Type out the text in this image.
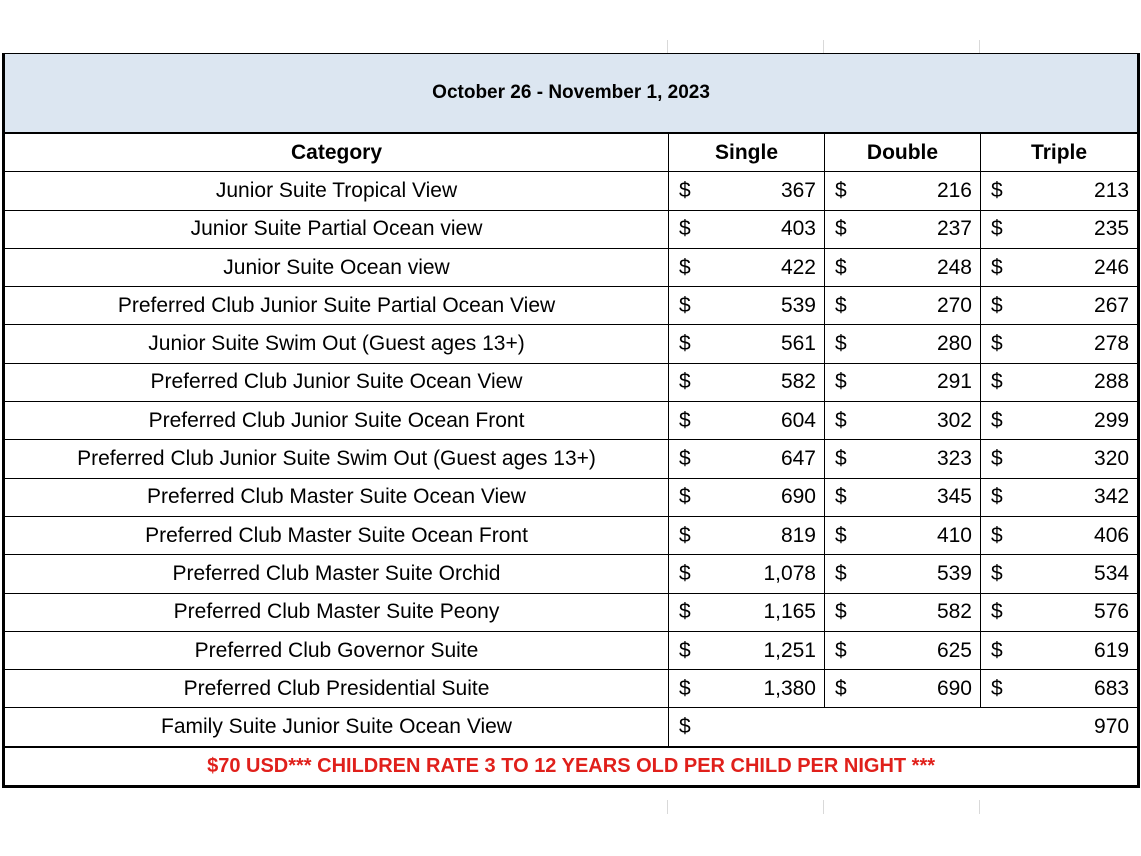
October 26 - November 1, 2023						
Category	Single		Double		Triple	
Junior Suite Tropical View	$	367	$	216	$	213
Junior Suite Partial Ocean view	$	403	$	237	$	235
Junior Suite Ocean view	$	422	$	248	$	246
Preferred Club Junior Suite Partial Ocean View	$	539	$	270	$	267
Junior Suite Swim Out (Guest ages 13+)	$	561	$	280	$	278
Preferred Club Junior Suite Ocean View	$	582	$	291	$	288
Preferred Club Junior Suite Ocean Front	$	604	$	302	$	299
Preferred Club Junior Suite Swim Out (Guest ages 13+)	$	647	$	323	$	320
Preferred Club Master Suite Ocean View	$	690	$	345	$	342
Preferred Club Master Suite Ocean Front	$	819	$	410	$	406
Preferred Club Master Suite Orchid	$	1,078	$	539	$	534
Preferred Club Master Suite Peony	$	1,165	$	582	$	576
Preferred Club Governor Suite	$	1,251	$	625	$	619
Preferred Club Presidential Suite	$	1,380	$	690	$	683
Family Suite Junior Suite Ocean View	$					970
$70 USD*** CHILDREN RATE 3 TO 12 YEARS OLD PER CHILD PER NIGHT ***						
